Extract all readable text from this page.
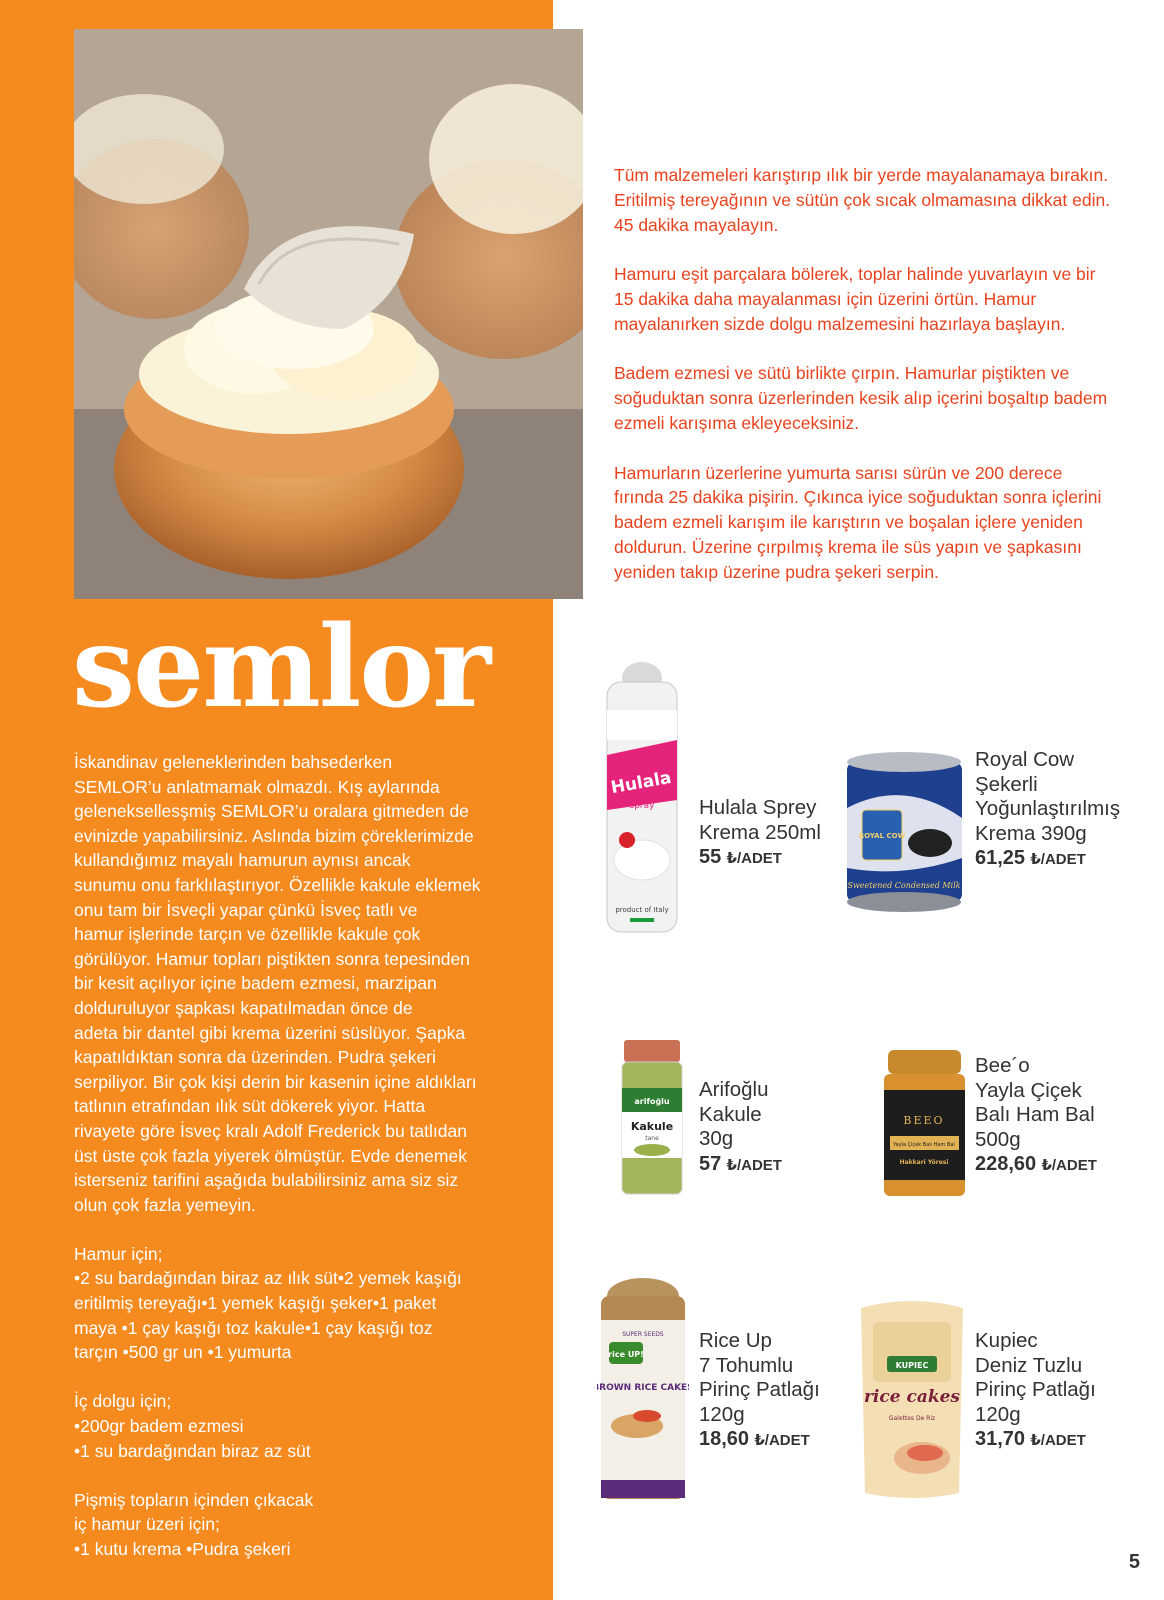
semlor
İskandinav geleneklerinden bahsederken
SEMLOR’u anlatmamak olmazdı. Kış aylarında
geleneksellesşmiş SEMLOR’u oralara gitmeden de
evinizde yapabilirsiniz. Aslında bizim çöreklerimizde
kullandığımız mayalı hamurun aynısı ancak
sunumu onu farklılaştırıyor. Özellikle kakule eklemek
onu tam bir İsveçli yapar çünkü İsveç tatlı ve
hamur işlerinde tarçın ve özellikle kakule çok
görülüyor. Hamur topları piştikten sonra tepesinden
bir kesit açılıyor içine badem ezmesi, marzipan
dolduruluyor şapkası kapatılmadan önce de
adeta bir dantel gibi krema üzerini süslüyor. Şapka
kapatıldıktan sonra da üzerinden. Pudra şekeri
serpiliyor. Bir çok kişi derin bir kasenin içine aldıkları
tatlının etrafından ılık süt dökerek yiyor. Hatta
rivayete göre İsveç kralı Adolf Frederick bu tatlıdan
üst üste çok fazla yiyerek ölmüştür. Evde denemek
isterseniz tarifini aşağıda bulabilirsiniz ama siz siz
olun çok fazla yemeyin.
Hamur için;
•2 su bardağından biraz az ılık süt•2 yemek kaşığı
eritilmiş tereyağı•1 yemek kaşığı şeker•1 paket
maya •1 çay kaşığı toz kakule•1 çay kaşığı toz
tarçın •500 gr un •1 yumurta
İç dolgu için;
•200gr badem ezmesi
•1 su bardağından biraz az süt
Pişmiş topların içinden çıkacak
iç hamur üzeri için;
•1 kutu krema •Pudra şekeri

Tüm malzemeleri karıştırıp ılık bir yerde mayalanamaya bırakın. Eritilmiş tereyağının ve sütün çok sıcak olmamasına dikkat edin. 45 dakika mayalayın.

Hamuru eşit parçalara bölerek, toplar halinde yuvarlayın ve bir 15 dakika daha mayalanması için üzerini örtün. Hamur mayalanırken sizde dolgu malzemesini hazırlaya başlayın.

Badem ezmesi ve sütü birlikte çırpın. Hamurlar piştikten ve soğuduktan sonra üzerlerinden kesik alıp içerini boşaltıp badem ezmeli karışıma ekleyeceksiniz.

Hamurların üzerlerine yumurta sarısı sürün ve 200 derece fırında 25 dakika pişirin. Çıkınca iyice soğuduktan sonra içlerini badem ezmeli karışım ile karıştırın ve boşalan içlere yeniden doldurun. Üzerine çırpılmış krema ile süs yapın ve şapkasını yeniden takıp üzerine pudra şekeri serpin.

Hulala
spray
product of Italy
Hulala Sprey
Krema 250ml
55 ₺/ADET
ROYAL COW
Sweetened Condensed Milk
Royal Cow
Şekerli
Yoğunlaştırılmış
Krema 390g
61,25 ₺/ADET
arifoğlu
Kakule
tane
Arifoğlu
Kakule
30g
57 ₺/ADET
BEEO
Yayla Çiçek Balı Ham Bal
Hakkari Yöresi
Bee´o
Yayla Çiçek
Balı Ham Bal
500g
228,60 ₺/ADET
SUPER SEEDS
rice UP!
BROWN RICE CAKES
Rice Up
7 Tohumlu
Pirinç Patlağı
120g
18,60 ₺/ADET
KUPIEC
rice cakes
Galettes De Riz
Kupiec
Deniz Tuzlu
Pirinç Patlağı
120g
31,70 ₺/ADET
5
